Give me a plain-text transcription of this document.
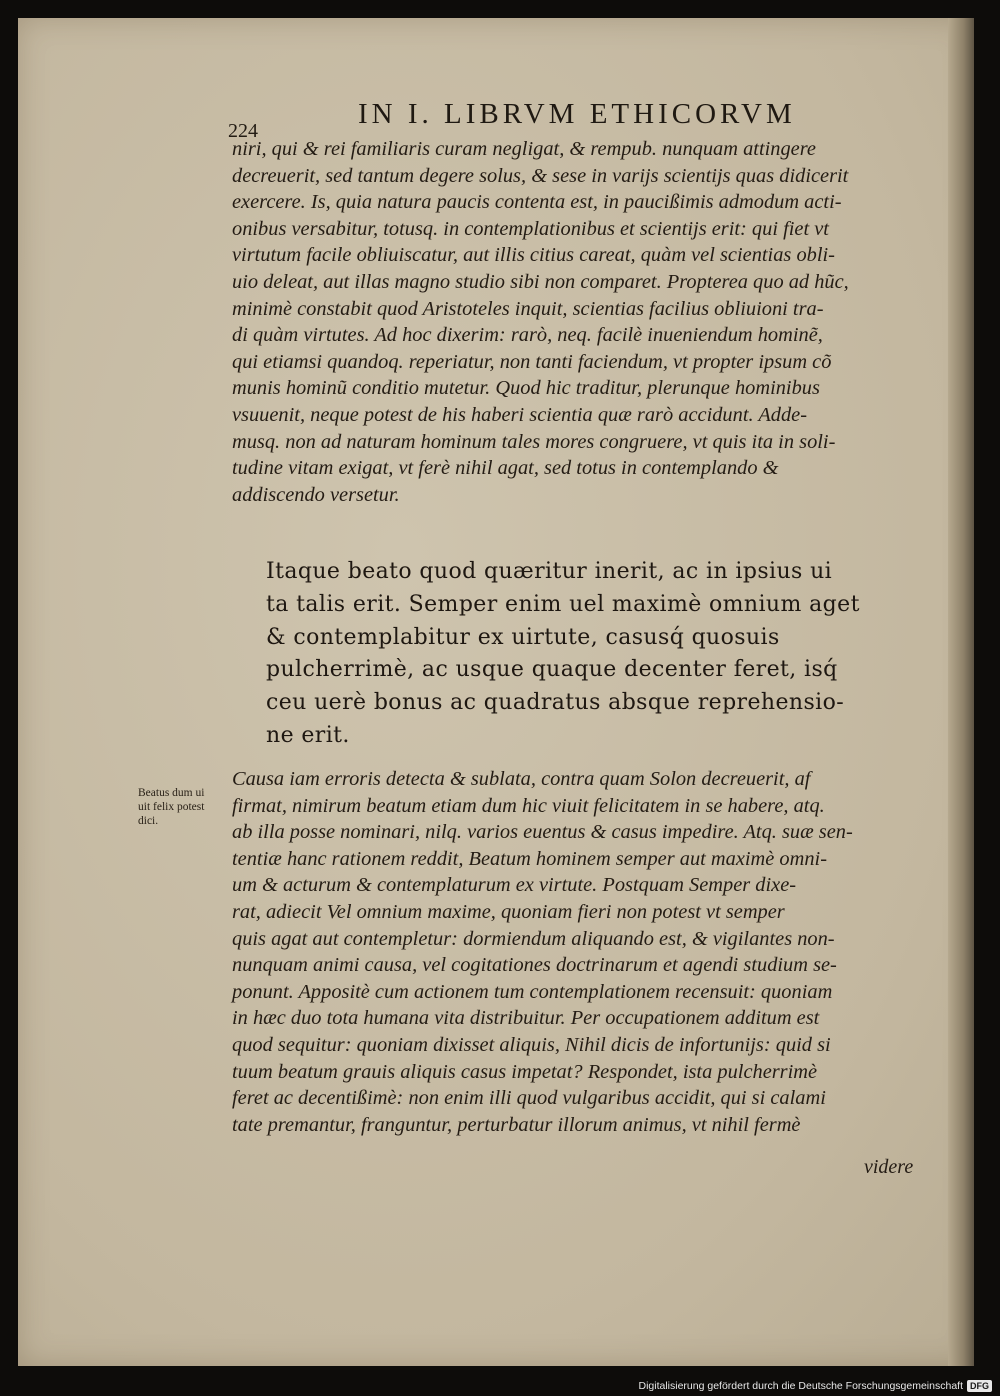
224
IN I. LIBRVM ETHICORVM
niri, qui & rei familiaris curam negligat, & rempub. nunquam attingere
decreuerit, sed tantum degere solus, & sese in varijs scientijs quas didicerit
exercere. Is, quia natura paucis contenta est, in paucißimis admodum acti-
onibus versabitur, totusq. in contemplationibus et scientijs erit: qui fiet vt
virtutum facile obliuiscatur, aut illis citius careat, quàm vel scientias obli-
uio deleat, aut illas magno studio sibi non comparet. Propterea quo ad hũc,
minimè constabit quod Aristoteles inquit, scientias facilius obliuioni tra-
di quàm virtutes. Ad hoc dixerim: rarò, neq. facilè inueniendum hominẽ,
qui etiamsi quandoq. reperiatur, non tanti faciendum, vt propter ipsum cõ
munis hominũ conditio mutetur. Quod hic traditur, plerunque hominibus
vsuuenit, neque potest de his haberi scientia quæ rarò accidunt. Adde-
musq. non ad naturam hominum tales mores congruere, vt quis ita in soli-
tudine vitam exigat, vt ferè nihil agat, sed totus in contemplando &
addiscendo versetur.
Itaque beato quod quæritur inerit, ac in ipsius ui
ta talis erit. Semper enim uel maximè omnium aget
& contemplabitur ex uirtute, casusq́ quosuis
pulcherrimè, ac usque quaque decenter feret, isq́
ceu uerè bonus ac quadratus absque reprehensio-
ne erit.
Beatus dum ui
uit felix potest
dici.
Causa iam erroris detecta & sublata, contra quam Solon decreuerit, af
firmat, nimirum beatum etiam dum hic viuit felicitatem in se habere, atq.
ab illa posse nominari, nilq. varios euentus & casus impedire. Atq. suæ sen-
tentiæ hanc rationem reddit, Beatum hominem semper aut maximè omni-
um & acturum & contemplaturum ex virtute. Postquam Semper dixe-
rat, adiecit Vel omnium maxime, quoniam fieri non potest vt semper
quis agat aut contempletur: dormiendum aliquando est, & vigilantes non-
nunquam animi causa, vel cogitationes doctrinarum et agendi studium se-
ponunt. Appositè cum actionem tum contemplationem recensuit: quoniam
in hæc duo tota humana vita distribuitur. Per occupationem additum est
quod sequitur: quoniam dixisset aliquis, Nihil dicis de infortunijs: quid si
tuum beatum grauis aliquis casus impetat? Respondet, ista pulcherrimè
feret ac decentißimè: non enim illi quod vulgaribus accidit, qui si calami
tate premantur, franguntur, perturbatur illorum animus, vt nihil fermè
videre
Digitalisierung gefördert durch die Deutsche Forschungsgemeinschaft DFG
